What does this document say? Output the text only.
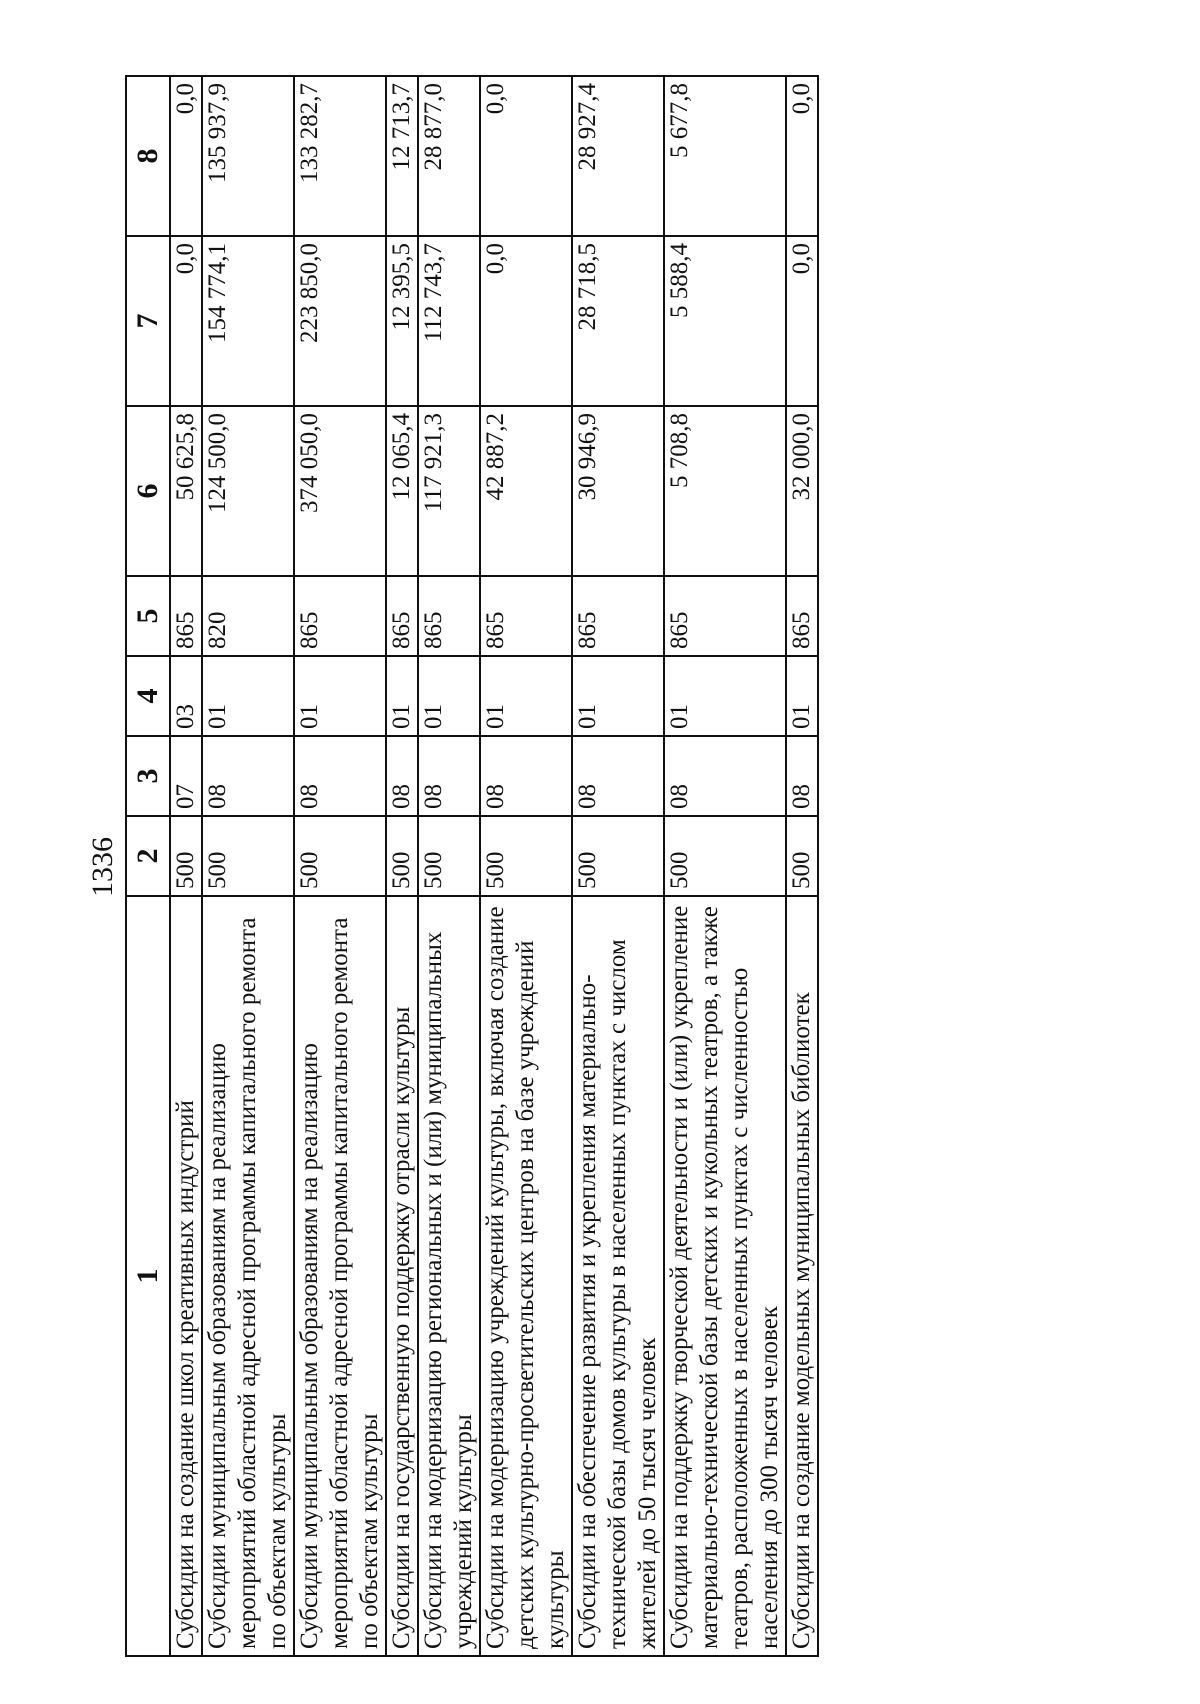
1336
1	2	3	4	5	6	7	8
Субсидии на создание школ креативных индустрий	500	07	03	865	50 625,8	0,0	0,0
Субсидии муниципальным образованиям на реализацию мероприятий областной адресной программы капитального ремонта по объектам культуры	500	08	01	820	124 500,0	154 774,1	135 937,9
Субсидии муниципальным образованиям на реализацию мероприятий областной адресной программы капитального ремонта по объектам культуры	500	08	01	865	374 050,0	223 850,0	133 282,7
Субсидии на государственную поддержку отрасли культуры	500	08	01	865	12 065,4	12 395,5	12 713,7
Субсидии на модернизацию региональных и (или) муниципальных учреждений культуры	500	08	01	865	117 921,3	112 743,7	28 877,0
Субсидии на модернизацию учреждений культуры, включая создание детских культурно-просветительских центров на базе учреждений культуры	500	08	01	865	42 887,2	0,0	0,0
Субсидии на обеспечение развития и укрепления материально-технической базы домов культуры в населенных пунктах с числом жителей до 50 тысяч человек	500	08	01	865	30 946,9	28 718,5	28 927,4
Субсидии на поддержку творческой деятельности и (или) укрепление материально-технической базы детских и кукольных театров, а также театров, расположенных в населенных пунктах с численностью населения до 300 тысяч человек	500	08	01	865	5 708,8	5 588,4	5 677,8
Субсидии на создание модельных муниципальных библиотек	500	08	01	865	32 000,0	0,0	0,0
